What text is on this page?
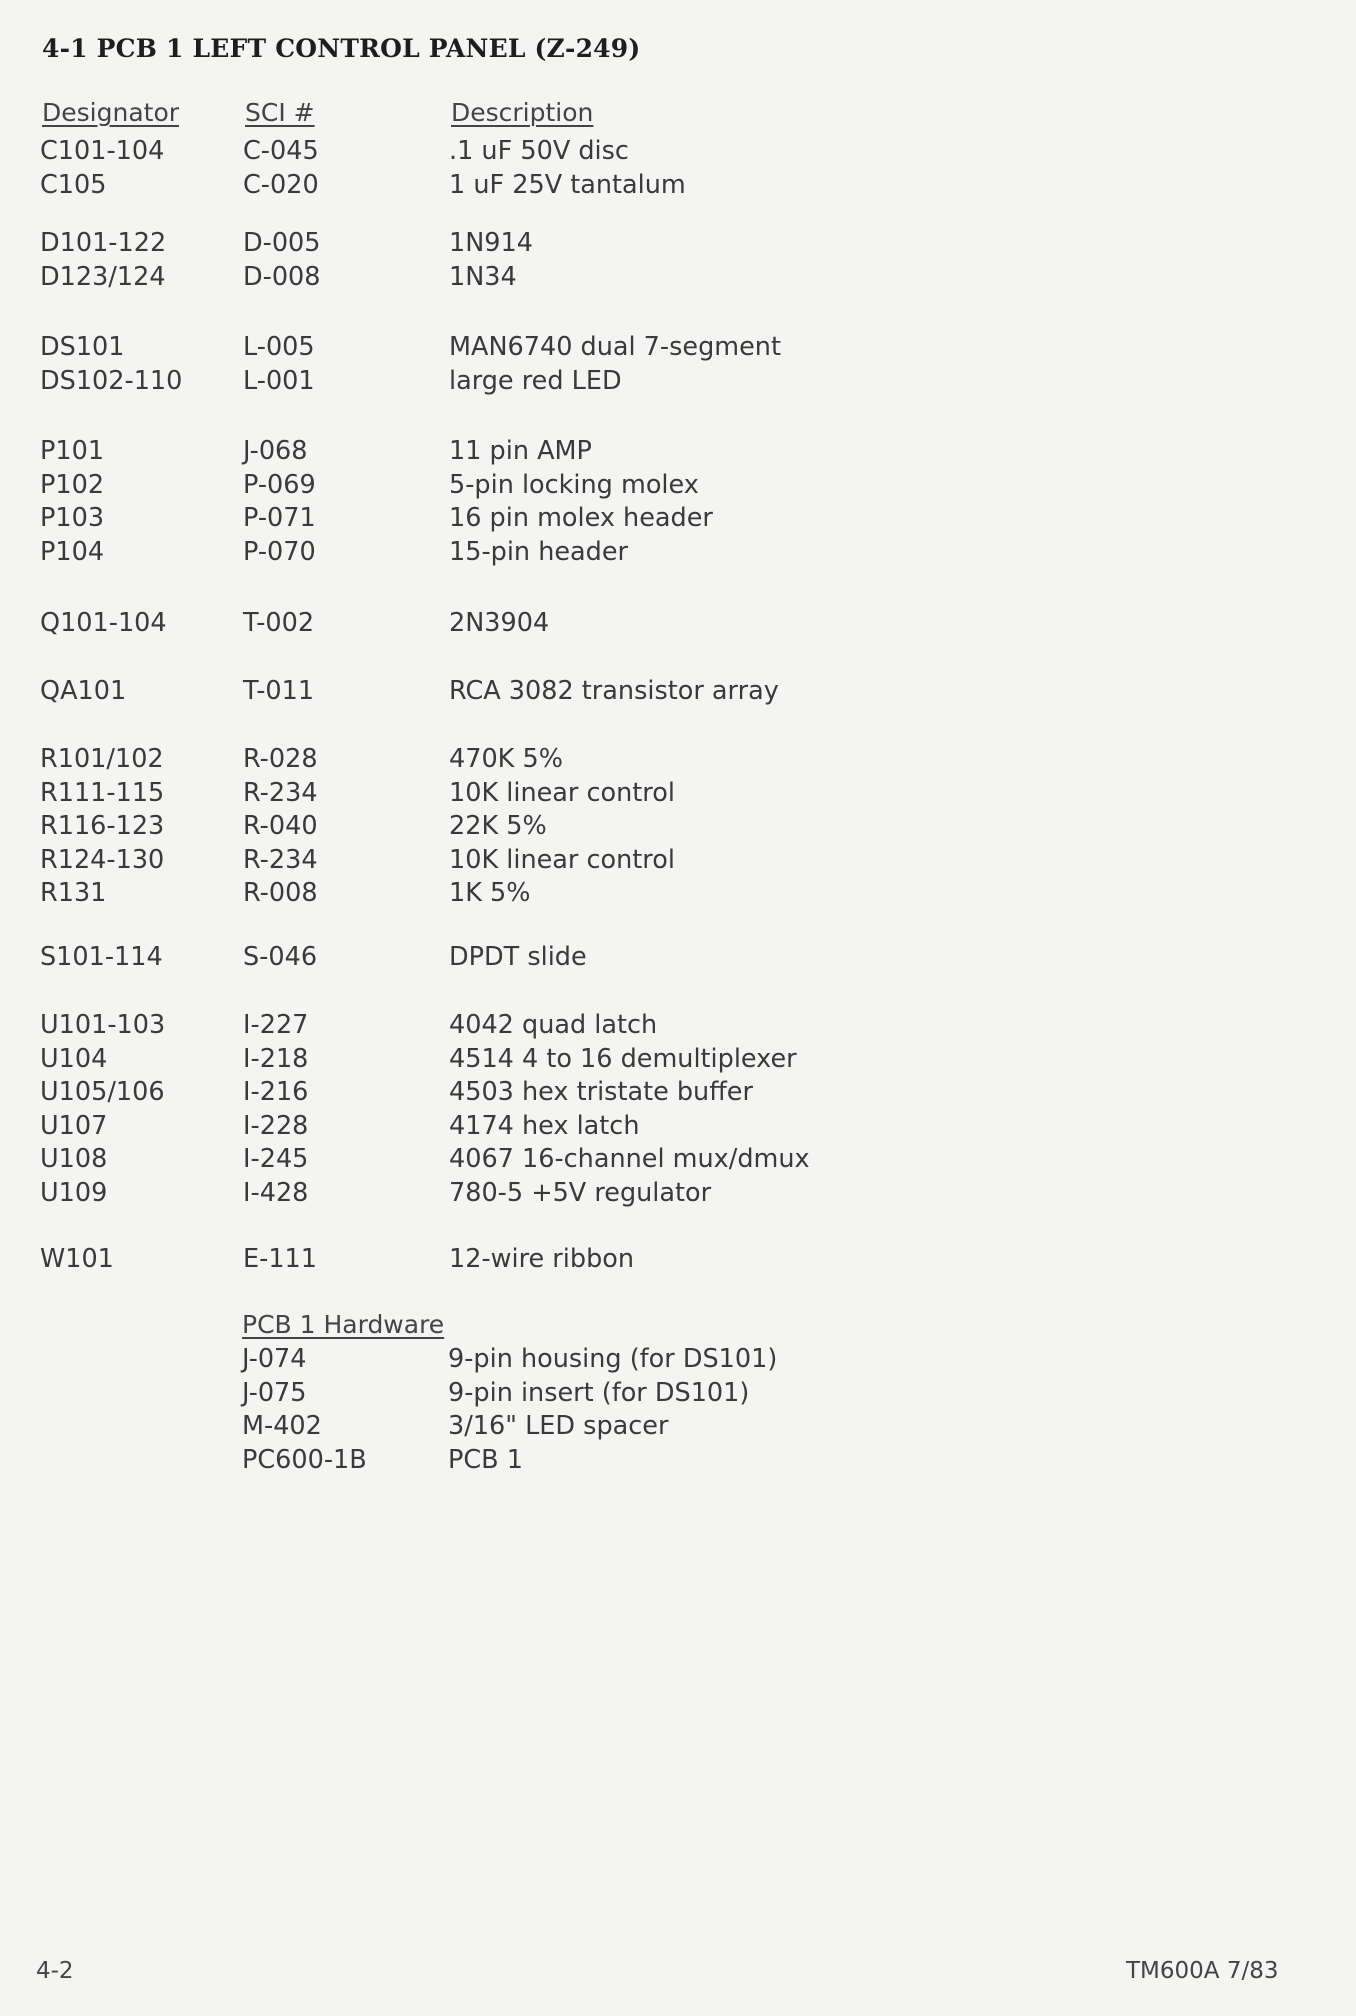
4-1 PCB 1 LEFT CONTROL PANEL (Z-249)
Designator	SCI #	Description
C101-104	C-045	.1 uF 50V disc
C105	C-020	1 uF 25V tantalum
D101-122	D-005	1N914
D123/124	D-008	1N34
DS101	L-005	MAN6740 dual 7-segment
DS102-110 L-001	large red LED
P101	J-068	11 pin AMP
P102	P-069	5-pin locking molex
P103	P-071	16 pin molex header
P104	P-070	15-pin header
Q101-104	T-002	2N3904
QA101	T-011	RCA 3082 transistor array
R101/102	R-028	470K 5%
R111-115	R-234	10K linear control
R116-123	R-040	22K 5%
R124-130	R-234	10K linear control
R131	R-008	1K 5%
S101-114	S-046	DPDT slide
U101-103	I-227	4042 quad latch
U104	I-218	4514 4 to 16 demultiplexer
U105/106	I-216	4503 hex tristate buffer
U107	I-228	4174 hex latch
U108	I-245	4067 16-channel mux/dmux
U109	I-428	780-5 +5V regulator
W101	E-111	12-wire ribbon
PCB 1 Hardware
J-074	9-pin housing (for DS101)
J-075	9-pin insert (for DS101)
M-402	3/16" LED spacer
PC600-1B	PCB 1
4-2	TM600A 7/83
